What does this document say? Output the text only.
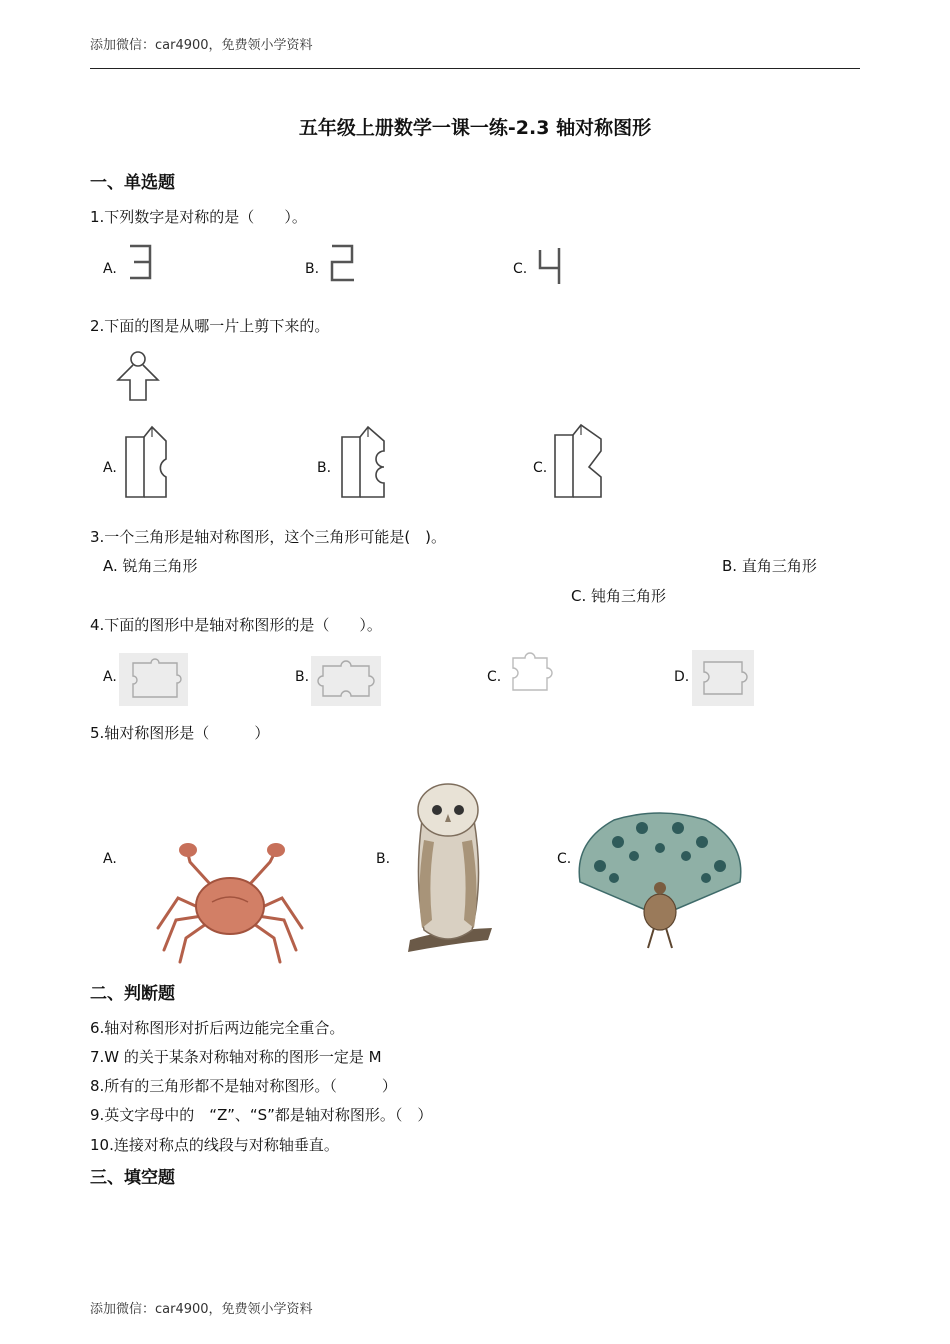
添加微信：car4900，免费领小学资料
五年级上册数学一课一练-2.3 轴对称图形
一、单选题
1.下列数字是对称的是（　　）。
A.	B.	C.
2.下面的图是从哪一片上剪下来的。
A.	B.	C.
3.一个三角形是轴对称图形，这个三角形可能是(　)。
A. 锐角三角形	B. 直角三角形
C. 钝角三角形
4.下面的图形中是轴对称图形的是（　　）。
A.	B.	C.	D.
5.轴对称图形是（　　　）
A.	B.	C.
二、判断题
6.轴对称图形对折后两边能完全重合。
7.W 的关于某条对称轴对称的图形一定是 M
8.所有的三角形都不是轴对称图形。（　　　）
9.英文字母中的　“Z”、“S”都是轴对称图形。（　）
10.连接对称点的线段与对称轴垂直。
三、填空题
添加微信：car4900，免费领小学资料
